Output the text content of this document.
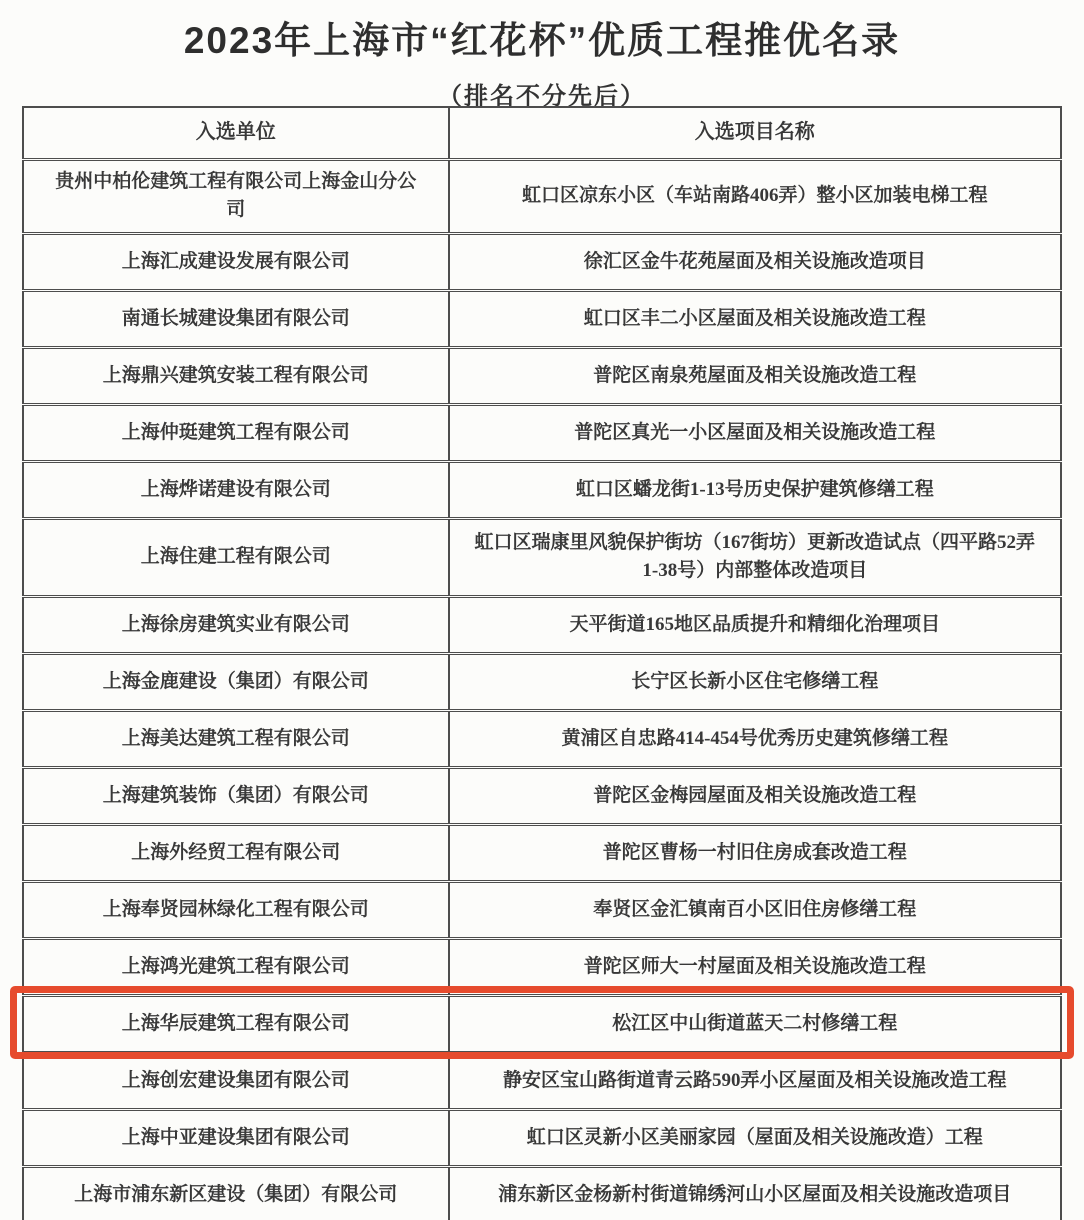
2023年上海市“红花杯”优质工程推优名录
（排名不分先后）
入选单位	入选项目名称
贵州中柏伦建筑工程有限公司上海金山分公司	虹口区凉东小区（车站南路406弄）整小区加装电梯工程
上海汇成建设发展有限公司	徐汇区金牛花苑屋面及相关设施改造项目
南通长城建设集团有限公司	虹口区丰二小区屋面及相关设施改造工程
上海鼎兴建筑安装工程有限公司	普陀区南泉苑屋面及相关设施改造工程
上海仲珽建筑工程有限公司	普陀区真光一小区屋面及相关设施改造工程
上海烨诺建设有限公司	虹口区蟠龙街1-13号历史保护建筑修缮工程
上海住建工程有限公司	虹口区瑞康里风貌保护街坊（167街坊）更新改造试点（四平路52弄1-38号）内部整体改造项目
上海徐房建筑实业有限公司	天平街道165地区品质提升和精细化治理项目
上海金鹿建设（集团）有限公司	长宁区长新小区住宅修缮工程
上海美达建筑工程有限公司	黄浦区自忠路414-454号优秀历史建筑修缮工程
上海建筑装饰（集团）有限公司	普陀区金梅园屋面及相关设施改造工程
上海外经贸工程有限公司	普陀区曹杨一村旧住房成套改造工程
上海奉贤园林绿化工程有限公司	奉贤区金汇镇南百小区旧住房修缮工程
上海鸿光建筑工程有限公司	普陀区师大一村屋面及相关设施改造工程
上海华辰建筑工程有限公司	松江区中山街道蓝天二村修缮工程
上海创宏建设集团有限公司	静安区宝山路街道青云路590弄小区屋面及相关设施改造工程
上海中亚建设集团有限公司	虹口区灵新小区美丽家园（屋面及相关设施改造）工程
上海市浦东新区建设（集团）有限公司	浦东新区金杨新村街道锦绣河山小区屋面及相关设施改造项目
